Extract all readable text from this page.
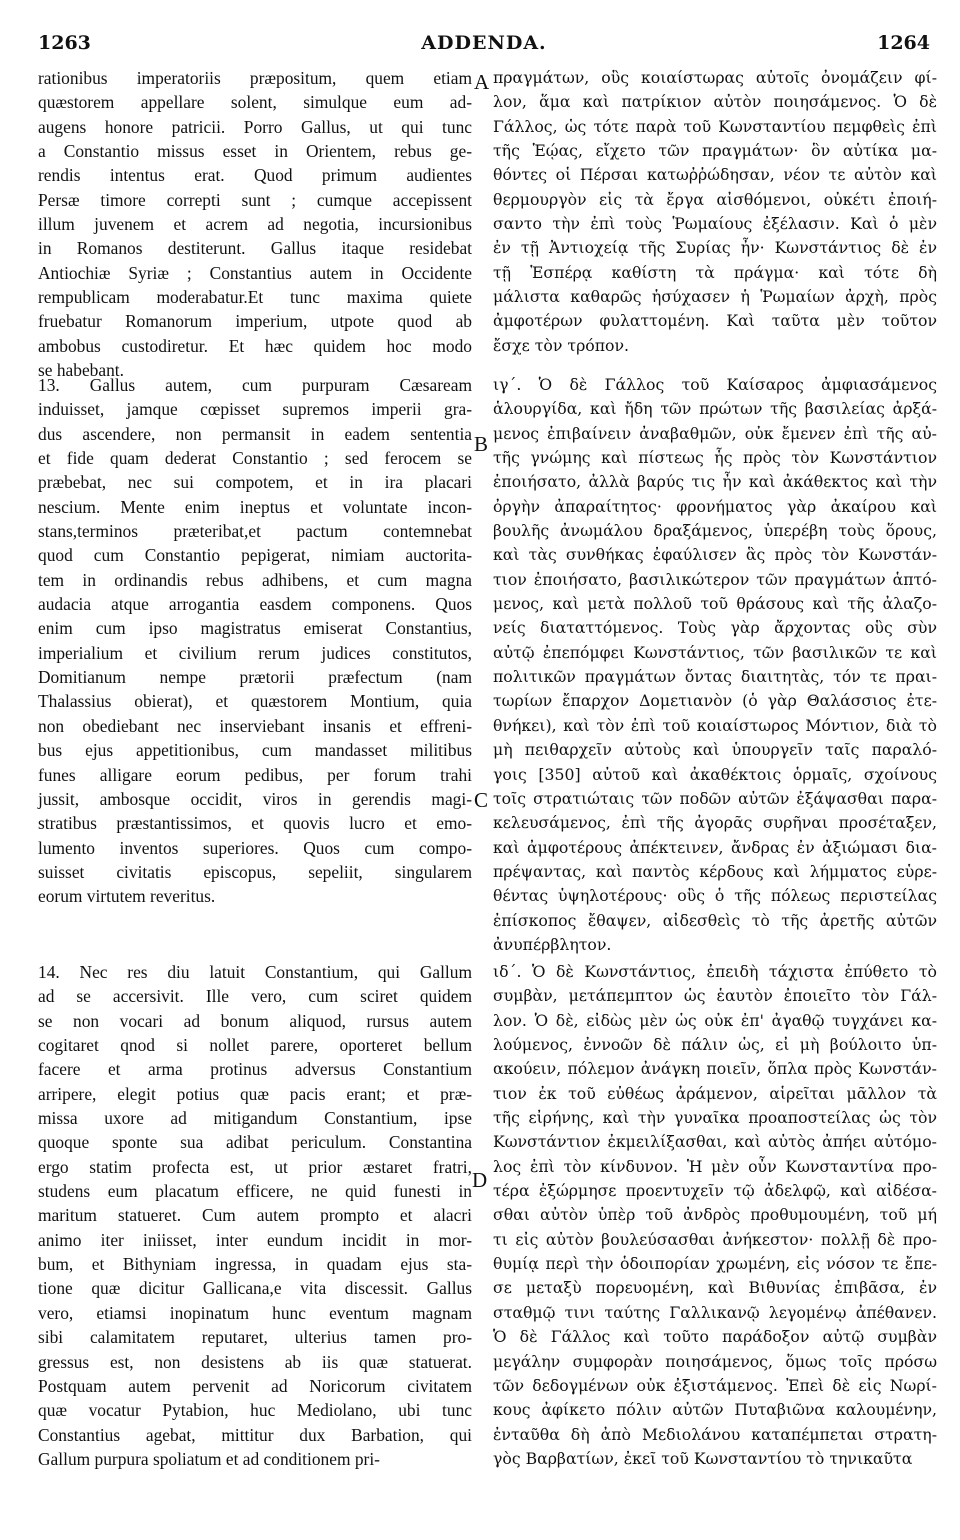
1263	ADDENDA.	1264
rationibus imperatoriis præpositum, quem etiam
quæstorem appellare solent, simulque eum ad-
augens honore patricii. Porro Gallus, ut qui tunc
a Constantio missus esset in Orientem, rebus ge-
rendis intentus erat. Quod primum audientes
Persæ timore correpti sunt ; cumque accepissent
illum juvenem et acrem ad negotia, incursionibus
in Romanos destiterunt. Gallus itaque residebat
Antiochiæ Syriæ ; Constantius autem in Occidente
rempublicam moderabatur.Et tunc maxima quiete
fruebatur Romanorum imperium, utpote quod ab
ambobus custodiretur. Et hæc quidem hoc modo
se habebant.
13. Gallus autem, cum purpuram Cæsaream
induisset, jamque cœpisset supremos imperii gra-
dus ascendere, non permansit in eadem sententia
et fide quam dederat Constantio ; sed ferocem se
præbebat, nec sui compotem, et in ira placari
nescium. Mente enim ineptus et voluntate incon-
stans,terminos præteribat,et pactum contemnebat
quod cum Constantio pepigerat, nimiam auctorita-
tem in ordinandis rebus adhibens, et cum magna
audacia atque arrogantia easdem componens. Quos
enim cum ipso magistratus emiserat Constantius,
imperialium et civilium rerum judices constitutos,
Domitianum nempe prætorii præfectum (nam
Thalassius obierat), et quæstorem Montium, quia
non obediebant nec inserviebant insanis et effreni-
bus ejus appetitionibus, cum mandasset militibus
funes alligare eorum pedibus, per forum trahi
jussit, ambosque occidit, viros in gerendis magi-
stratibus præstantissimos, et quovis lucro et emo-
lumento inventos superiores. Quos cum compo-
suisset civitatis episcopus, sepeliit, singularem
eorum virtutem reveritus.
14. Nec res diu latuit Constantium, qui Gallum
ad se accersivit. Ille vero, cum sciret quidem
se non vocari ad bonum aliquod, rursus autem
cogitaret qnod si nollet parere, oporteret bellum
facere et arma protinus adversus Constantium
arripere, elegit potius quæ pacis erant; et præ-
missa uxore ad mitigandum Constantium, ipse
quoque sponte sua adibat periculum. Constantina
ergo statim profecta est, ut prior æstaret fratri,
studens eum placatum efficere, ne quid funesti in
maritum statueret. Cum autem prompto et alacri
animo iter iniisset, inter eundum incidit in mor-
bum, et Bithyniam ingressa, in quadam ejus sta-
tione quæ dicitur Gallicana,e vita discessit. Gallus
vero, etiamsi inopinatum hunc eventum magnam
sibi calamitatem reputaret, ulterius tamen pro-
gressus est, non desistens ab iis quæ statuerat.
Postquam autem pervenit ad Noricorum civitatem
quæ vocatur Pytabion, huc Mediolano, ubi tunc
Constantius agebat, mittitur dux Barbation, qui
Gallum purpura spoliatum et ad conditionem pri-
πραγμάτων, οὓς κοιαίστωρας αὐτοῖς ὀνομάζειν φί-
λον, ἅμα καὶ πατρίκιον αὐτὸν ποιησάμενος. Ὁ δὲ
Γάλλος, ὡς τότε παρὰ τοῦ Κωνσταντίου πεμφθεὶς ἐπὶ
τῆς Ἑῴας, εἴχετο τῶν πραγμάτων· ὃν αὐτίκα μα-
θόντες οἱ Πέρσαι κατωῤῥώδησαν, νέον τε αὐτὸν καὶ
θερμουργὸν εἰς τὰ ἔργα αἰσθόμενοι, οὐκέτι ἐποιή-
σαντο τὴν ἐπὶ τοὺς Ῥωμαίους ἐξέλασιν. Καὶ ὁ μὲν
ἐν τῇ Ἀντιοχείᾳ τῆς Συρίας ἦν· Κωνστάντιος δὲ ἐν
τῇ Ἑσπέρᾳ καθίστη τὰ πράγμα· καὶ τότε δὴ
μάλιστα καθαρῶς ἡσύχασεν ἡ Ῥωμαίων ἀρχὴ, πρὸς
ἀμφοτέρων φυλαττομένη. Καὶ ταῦτα μὲν τοῦτον
ἔσχε τὸν τρόπον.
ιγ´. Ὁ δὲ Γάλλος τοῦ Καίσαρος ἀμφιασάμενος
ἁλουργίδα, καὶ ἤδη τῶν πρώτων τῆς βασιλείας ἀρξά-
μενος ἐπιβαίνειν ἀναβαθμῶν, οὐκ ἔμενεν ἐπὶ τῆς αὐ-
τῆς γνώμης καὶ πίστεως ἧς πρὸς τὸν Κωνστάντιον
ἐποιήσατο, ἀλλὰ βαρύς τις ἦν καὶ ἀκάθεκτος καὶ τὴν
ὀργὴν ἀπαραίτητος· φρονήματος γὰρ ἀκαίρου καὶ
βουλῆς ἀνωμάλου δραξάμενος, ὑπερέβη τοὺς ὅρους,
καὶ τὰς συνθήκας ἐφαύλισεν ἃς πρὸς τὸν Κωνστάν-
τιον ἐποιήσατο, βασιλικώτερον τῶν πραγμάτων ἁπτό-
μενος, καὶ μετὰ πολλοῦ τοῦ θράσους καὶ τῆς ἀλαζο-
νείς διαταττόμενος. Τοὺς γὰρ ἄρχοντας οὓς σὺν
αὐτῷ ἐπεπόμφει Κωνστάντιος, τῶν βασιλικῶν τε καὶ
πολιτικῶν πραγμάτων ὄντας διαιτητὰς, τόν τε πραι-
τωρίων ἔπαρχον Δομετιανὸν (ὁ γὰρ Θαλάσσιος ἐτε-
θνήκει), καὶ τὸν ἐπὶ τοῦ κοιαίστωρος Μόντιον, διὰ τὸ
μὴ πειθαρχεῖν αὐτοὺς καὶ ὑπουργεῖν ταῖς παραλό-
γοις [350] αὐτοῦ καὶ ἀκαθέκτοις ὁρμαῖς, σχοίνους
τοῖς στρατιώταις τῶν ποδῶν αὐτῶν ἐξάψασθαι παρα-
κελευσάμενος, ἐπὶ τῆς ἀγορᾶς συρῆναι προσέταξεν,
καὶ ἀμφοτέρους ἀπέκτεινεν, ἄνδρας ἐν ἀξιώμασι δια-
πρέψαντας, καὶ παντὸς κέρδους καὶ λήμματος εὑρε-
θέντας ὑψηλοτέρους· οὓς ὁ τῆς πόλεως περιστείλας
ἐπίσκοπος ἔθαψεν, αἰδεσθεὶς τὸ τῆς ἀρετῆς αὐτῶν
ἀνυπέρβλητον.
ιδ´. Ὁ δὲ Κωνστάντιος, ἐπειδὴ τάχιστα ἐπύθετο τὸ
συμβὰν, μετάπεμπτον ὡς ἑαυτὸν ἐποιεῖτο τὸν Γάλ-
λον. Ὁ δὲ, εἰδὼς μὲν ὡς οὐκ ἐπ' ἀγαθῷ τυγχάνει κα-
λούμενος, ἐννοῶν δὲ πάλιν ὡς, εἰ μὴ βούλοιτο ὑπ-
ακούειν, πόλεμον ἀνάγκη ποιεῖν, ὅπλα πρὸς Κωνστάν-
τιον ἐκ τοῦ εὐθέως ἀράμενον, αἱρεῖται μᾶλλον τὰ
τῆς εἰρήνης, καὶ τὴν γυναῖκα προαποστείλας ὡς τὸν
Κωνστάντιον ἐκμειλίξασθαι, καὶ αὐτὸς ἀπήει αὐτόμο-
λος ἐπὶ τὸν κίνδυνον. Ἡ μὲν οὖν Κωνσταντίνα προ-
τέρα ἐξώρμησε προεντυχεῖν τῷ ἀδελφῷ, καὶ αἰδέσα-
σθαι αὐτὸν ὑπὲρ τοῦ ἀνδρὸς προθυμουμένη, τοῦ μή
τι εἰς αὐτὸν βουλεύσασθαι ἀνήκεστον· πολλῇ δὲ προ-
θυμίᾳ περὶ τὴν ὁδοιπορίαν χρωμένη, εἰς νόσον τε ἔπε-
σε μεταξὺ πορευομένη, καὶ Βιθυνίας ἐπιβᾶσα, ἐν
σταθμῷ τινι ταύτης Γαλλικανῷ λεγομένῳ ἀπέθανεν.
Ὁ δὲ Γάλλος καὶ τοῦτο παράδοξον αὐτῷ συμβὰν
μεγάλην συμφορὰν ποιησάμενος, ὅμως τοῖς πρόσω
τῶν δεδογμένων οὐκ ἐξιστάμενος. Ἐπεὶ δὲ εἰς Νωρί-
κους ἀφίκετο πόλιν αὐτῶν Πυταβιῶνα καλουμένην,
ἐνταῦθα δὴ ἀπὸ Μεδιολάνου καταπέμπεται στρατη-
γὸς Βαρβατίων, ἐκεῖ τοῦ Κωνσταντίου τὸ τηνικαῦτα
A
B
C
D
